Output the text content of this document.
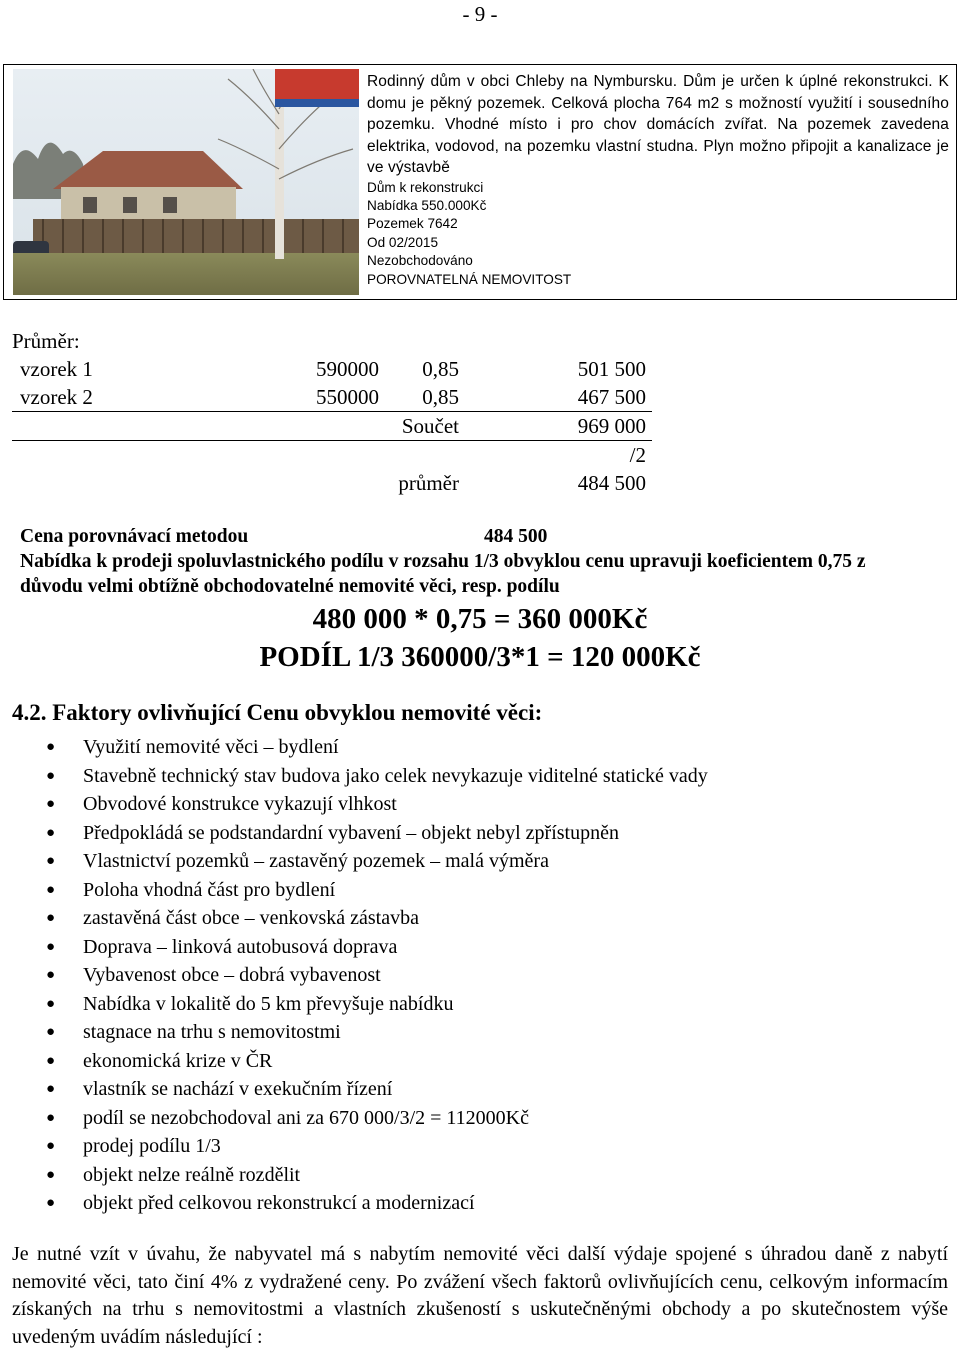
- 9 -
Rodinný dům v obci Chleby na Nymbursku. Dům je určen k úplné rekonstrukci. K domu je pěkný pozemek. Celková plocha 764 m2 s možností využití i sousedního pozemku. Vhodné místo i pro chov domácích zvířat. Na pozemek zavedena elektrika, vodovod, na pozemku vlastní studna. Plyn možno připojit a kanalizace je ve výstavbě
Dům k rekonstrukci
Nabídka 550.000Kč
Pozemek 7642
Od 02/2015
Nezobchodováno
POROVNATELNÁ NEMOVITOST
Průměr:
vzorek 1	590000 0,85	501 500
vzorek 2	550000 0,85	467 500
Součet	969 000
/2
průměr	484 500
Cena porovnávací metodou	484 500
Nabídka k prodeji spoluvlastnického podílu v rozsahu 1/3 obvyklou cenu upravuji koeficientem 0,75 z důvodu velmi obtížně obchodovatelné nemovité věci, resp. podílu
480 000 * 0,75 = 360 000Kč
PODÍL 1/3 360000/3*1 = 120 000Kč
4.2. Faktory ovlivňující Cenu obvyklou nemovité věci:
● Využití nemovité věci – bydlení
● Stavebně technický stav budova jako celek nevykazuje viditelné statické vady
● Obvodové konstrukce vykazují vlhkost
● Předpokládá se podstandardní vybavení – objekt nebyl zpřístupněn
● Vlastnictví pozemků – zastavěný pozemek – malá výměra
● Poloha vhodná část pro bydlení
● zastavěná část obce – venkovská zástavba
● Doprava – linková autobusová doprava
● Vybavenost obce – dobrá vybavenost
● Nabídka v lokalitě do 5 km převyšuje nabídku
● stagnace na trhu s nemovitostmi
● ekonomická krize v ČR
● vlastník se nachází v exekučním řízení
● podíl se nezobchodoval ani za 670 000/3/2 = 112000Kč
● prodej podílu 1/3
● objekt nelze reálně rozdělit
● objekt před celkovou rekonstrukcí a modernizací
Je nutné vzít v úvahu, že nabyvatel má s nabytím nemovité věci další výdaje spojené s úhradou daně z nabytí nemovité věci, tato činí 4% z vydražené ceny. Po zvážení všech faktorů ovlivňujících cenu, celkovým informacím získaných na trhu s nemovitostmi a vlastních zkušeností s uskutečněnými obchody a po skutečnostem výše uvedeným uvádím následující :
